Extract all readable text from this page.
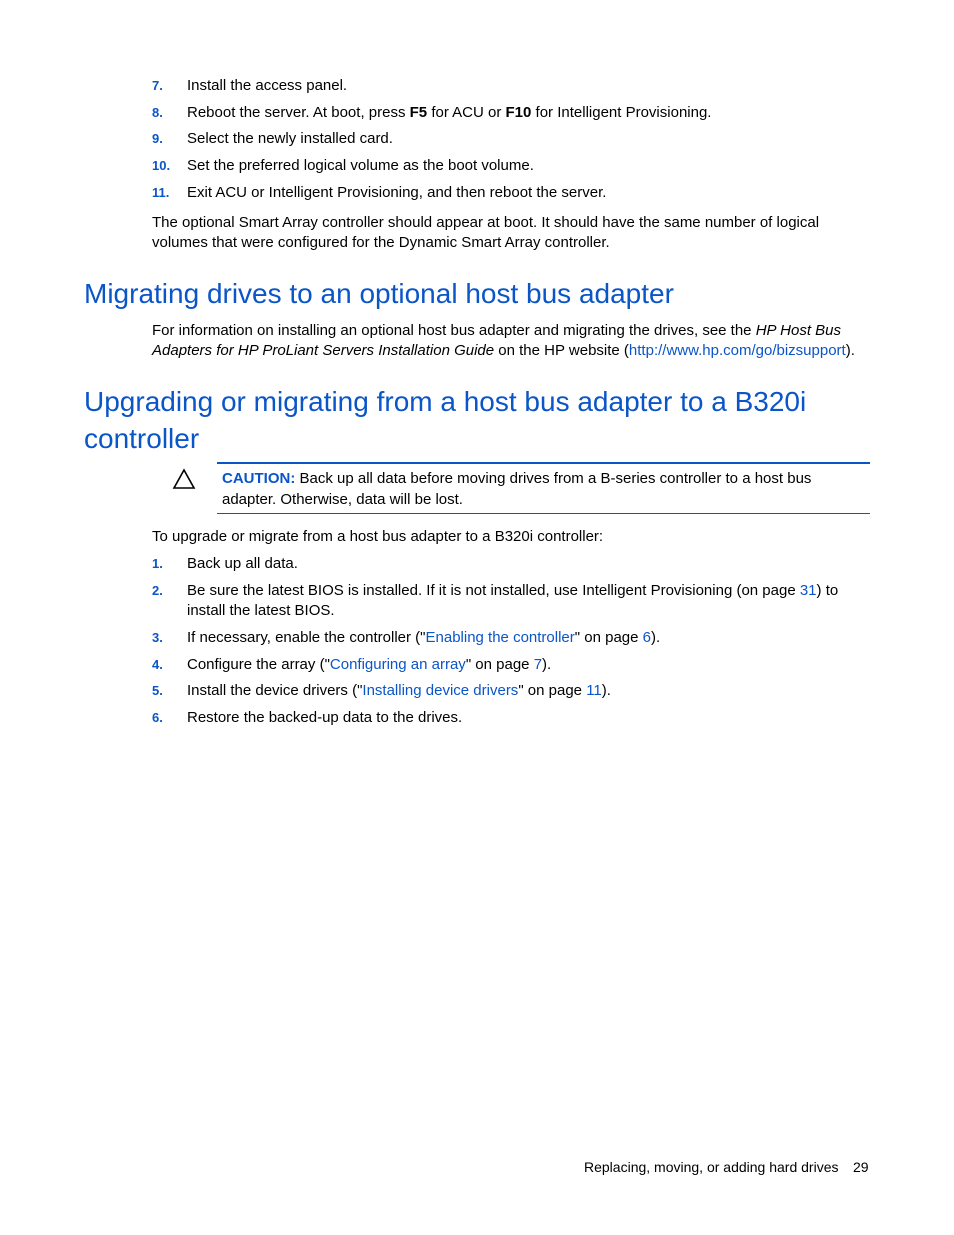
7. Install the access panel.
8. Reboot the server. At boot, press F5 for ACU or F10 for Intelligent Provisioning.
9. Select the newly installed card.
10. Set the preferred logical volume as the boot volume.
11. Exit ACU or Intelligent Provisioning, and then reboot the server.
The optional Smart Array controller should appear at boot. It should have the same number of logical volumes that were configured for the Dynamic Smart Array controller.
Migrating drives to an optional host bus adapter
For information on installing an optional host bus adapter and migrating the drives, see the HP Host Bus Adapters for HP ProLiant Servers Installation Guide on the HP website (http://www.hp.com/go/bizsupport).
Upgrading or migrating from a host bus adapter to a B320i controller
CAUTION: Back up all data before moving drives from a B-series controller to a host bus adapter. Otherwise, data will be lost.
To upgrade or migrate from a host bus adapter to a B320i controller:
1. Back up all data.
2. Be sure the latest BIOS is installed. If it is not installed, use Intelligent Provisioning (on page 31) to install the latest BIOS.
3. If necessary, enable the controller ("Enabling the controller" on page 6).
4. Configure the array ("Configuring an array" on page 7).
5. Install the device drivers ("Installing device drivers" on page 11).
6. Restore the backed-up data to the drives.
Replacing, moving, or adding hard drives 29
